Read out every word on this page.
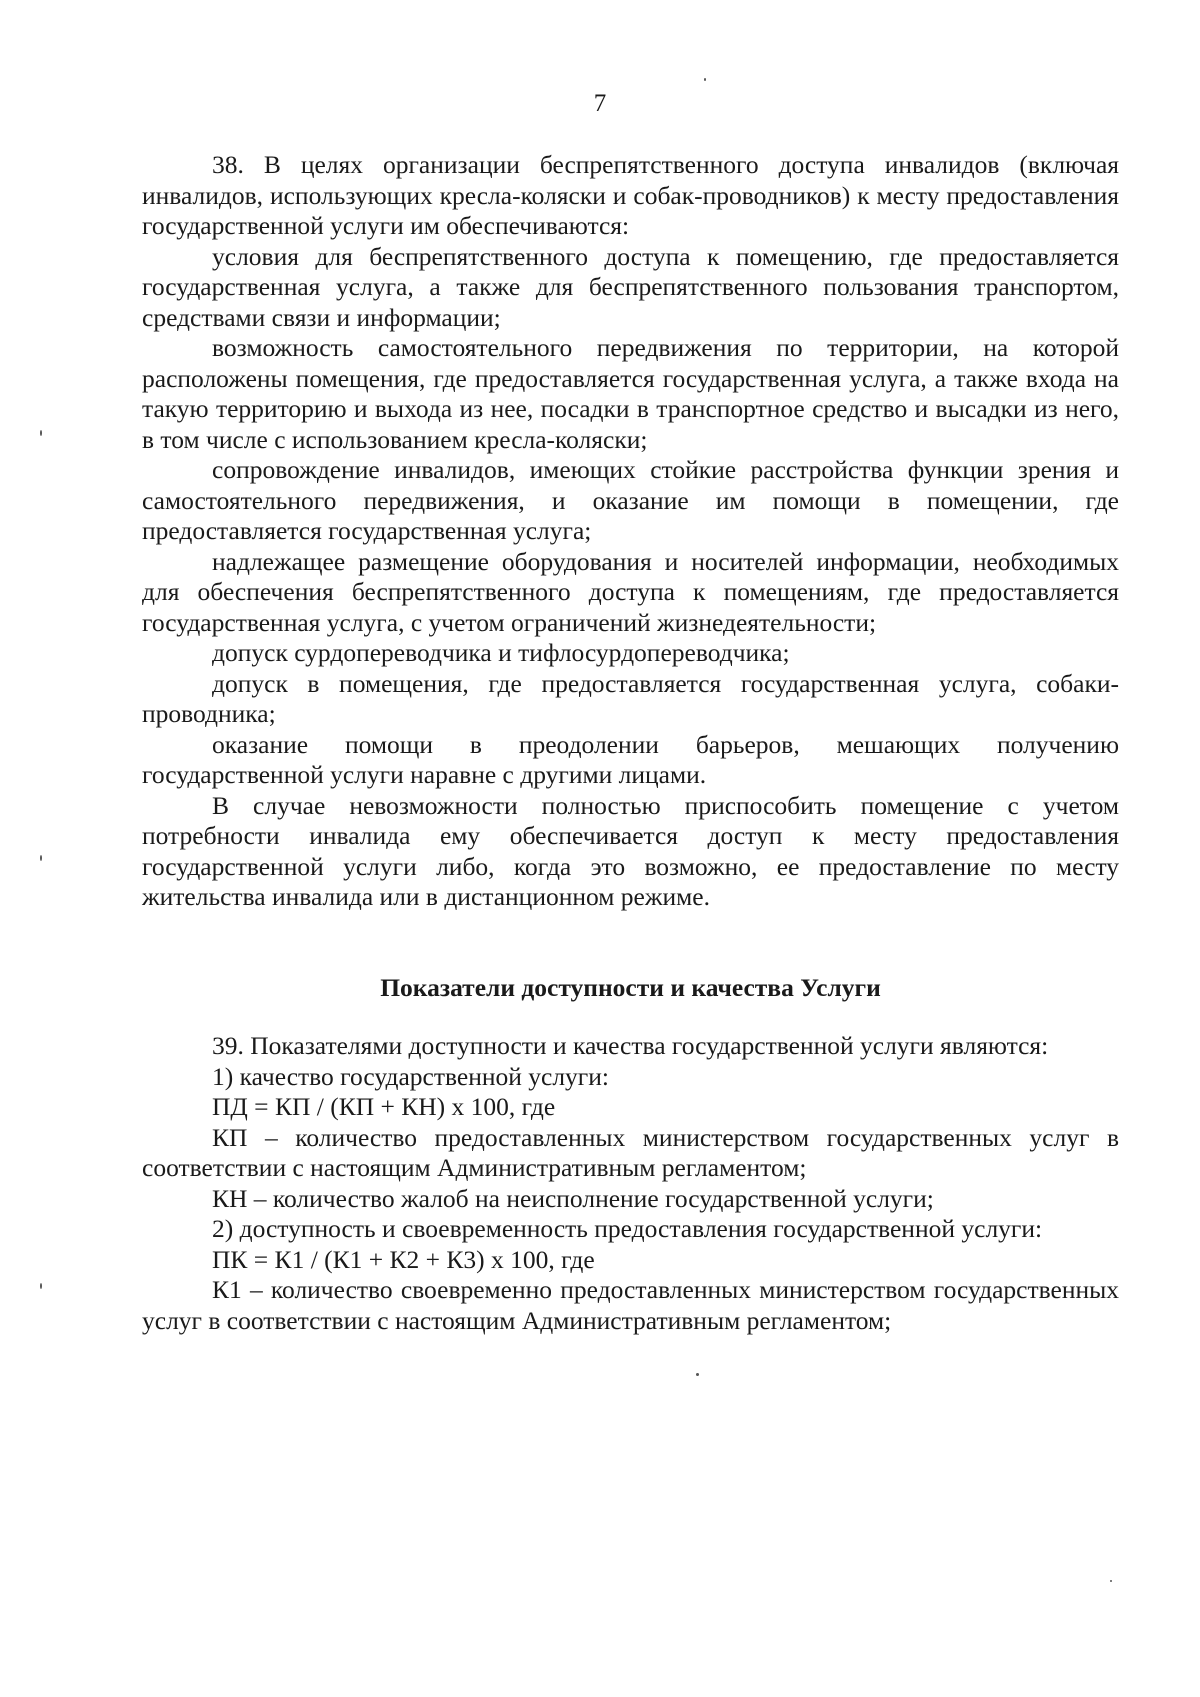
7

38. В целях организации беспрепятственного доступа инвалидов (включая инвалидов, использующих кресла-коляски и собак-проводников) к месту предоставления государственной услуги им обеспечиваются:

условия для беспрепятственного доступа к помещению, где предоставляется государственная услуга, а также для беспрепятственного пользования транспортом, средствами связи и информации;

возможность самостоятельного передвижения по территории, на которой расположены помещения, где предоставляется государственная услуга, а также входа на такую территорию и выхода из нее, посадки в транспортное средство и высадки из него, в том числе с использованием кресла-коляски;

сопровождение инвалидов, имеющих стойкие расстройства функции зрения и самостоятельного передвижения, и оказание им помощи в помещении, где предоставляется государственная услуга;

надлежащее размещение оборудования и носителей информации, необходимых для обеспечения беспрепятственного доступа к помещениям, где предоставляется государственная услуга, с учетом ограничений жизнедеятельности;

допуск сурдопереводчика и тифлосурдопереводчика;

допуск в помещения, где предоставляется государственная услуга, собаки-проводника;

оказание помощи в преодолении барьеров, мешающих получению государственной услуги наравне с другими лицами.

В случае невозможности полностью приспособить помещение с учетом потребности инвалида ему обеспечивается доступ к месту предоставления государственной услуги либо, когда это возможно, ее предоставление по месту жительства инвалида или в дистанционном режиме.

Показатели доступности и качества Услуги

39. Показателями доступности и качества государственной услуги являются:

1) качество государственной услуги:

ПД = КП / (КП + КН) х 100, где

КП – количество предоставленных министерством государственных услуг в соответствии с настоящим Административным регламентом;

КН – количество жалоб на неисполнение государственной услуги;

2) доступность и своевременность предоставления государственной услуги:

ПК = К1 / (К1 + К2 + К3) х 100, где

К1 – количество своевременно предоставленных министерством государственных услуг в соответствии с настоящим Административным регламентом;
